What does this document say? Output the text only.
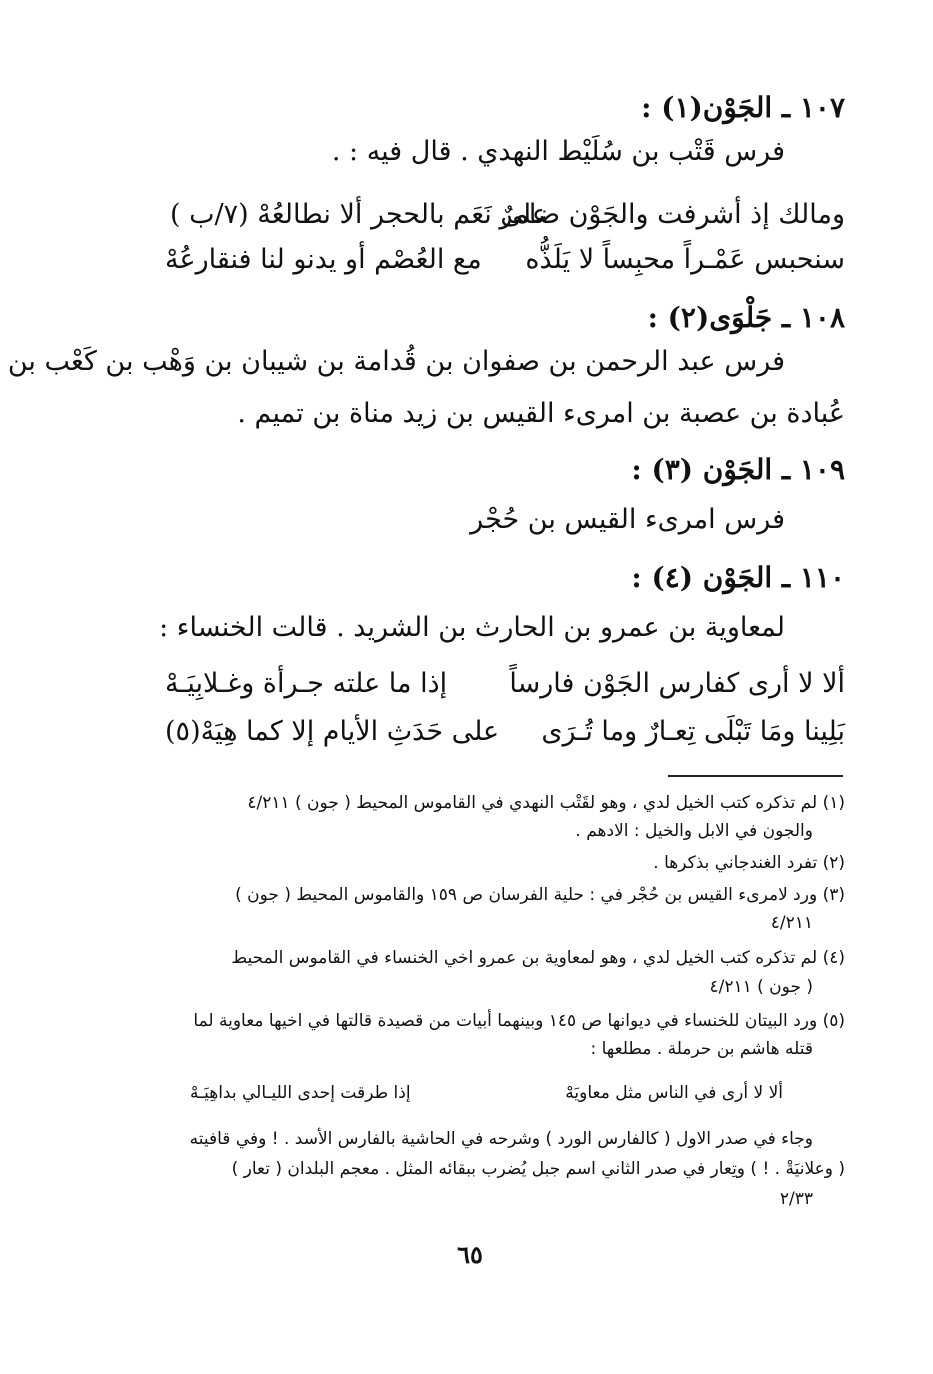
١٠٧ ـ الجَوْن(١) :
فرس قَتْب بن سُلَيْط النهدي . قال فيه : .
ومالك إذ أشرفت والجَوْن ضامرٌ
على نَعَم بالحجر ألا نطالعُهْ (٧/ب )
سنحبس عَمْـراً محبِساً لا يَلَذُّه
مع العُصْم أو يدنو لنا فنقارعُهْ
١٠٨ ـ جَلْوَى(٢) :
فرس عبد الرحمن بن صفوان بن قُدامة بن شيبان بن وَهْب بن كَعْب بن
عُبادة بن عصبة بن امرىء القيس بن زيد مناة بن تميم .
١٠٩ ـ الجَوْن (٣) :
فرس امرىء القيس بن حُجْر
١١٠ ـ الجَوْن (٤) :
لمعاوية بن عمرو بن الحارث بن الشريد . قالت الخنساء :
ألا لا أرى كفارس الجَوْن فارساً
إذا ما علته جـرأة وغـلابِيَـهْ
بَلِينا ومَا تَبْلَى تِعـارٌ وما تُـرَى
على حَدَثِ الأيام إلا كما هِيَهْ(٥)
(١) لم تذكره كتب الخيل لدي ، وهو لقَتْب النهدي في القاموس المحيط ( جون ) ٤/٢١١
والجون في الابل والخيل : الادهم .
(٢) تفرد الغندجاني بذكرها .
(٣) ورد لامرىء القيس بن حُجْر في : حلية الفرسان ص ١٥٩ والقاموس المحيط ( جون )
٤/٢١١
(٤) لم تذكره كتب الخيل لدي ، وهو لمعاوية بن عمرو اخي الخنساء في القاموس المحيط
( جون ) ٤/٢١١
(٥) ورد البيتان للخنساء في ديوانها ص ١٤٥ وبينهما أبيات من قصيدة قالتها في اخيها معاوية لما
قتله هاشم بن حرملة . مطلعها :
ألا لا أرى في الناس مثل معاويَهْ
إذا طرقت إحدى الليـالي بداهِيَـهْ
وجاء في صدر الاول ( كالفارس الورد ) وشرحه في الحاشية بالفارس الأسد . ! وفي قافيته
( وعلانيَةْ . ! ) وتِعار في صدر الثاني اسم جبل يُضرب ببقائه المثل . معجم البلدان ( تعار )
٢/٣٣
٦٥
